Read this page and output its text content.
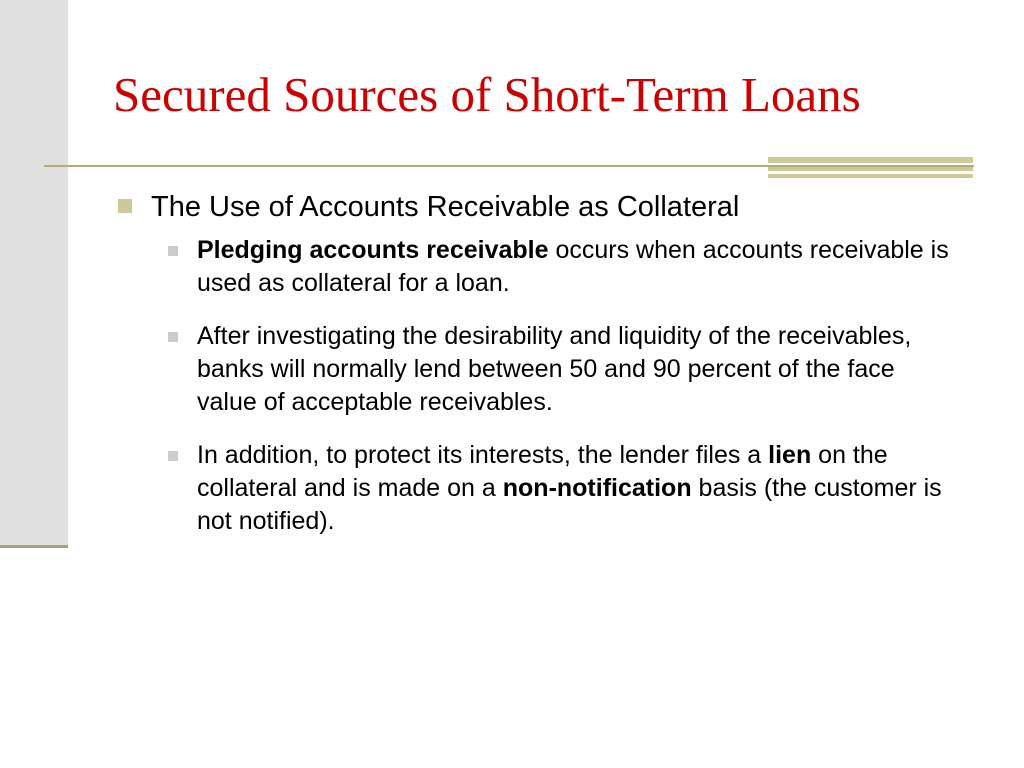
Secured Sources of Short-Term Loans
The Use of Accounts Receivable as Collateral
Pledging accounts receivable occurs when accounts receivable is used as collateral for a loan.
After investigating the desirability and liquidity of the receivables, banks will normally lend between 50 and 90 percent of the face value of acceptable receivables.
In addition, to protect its interests, the lender files a lien on the collateral and is made on a non-notification basis (the customer is not notified).
